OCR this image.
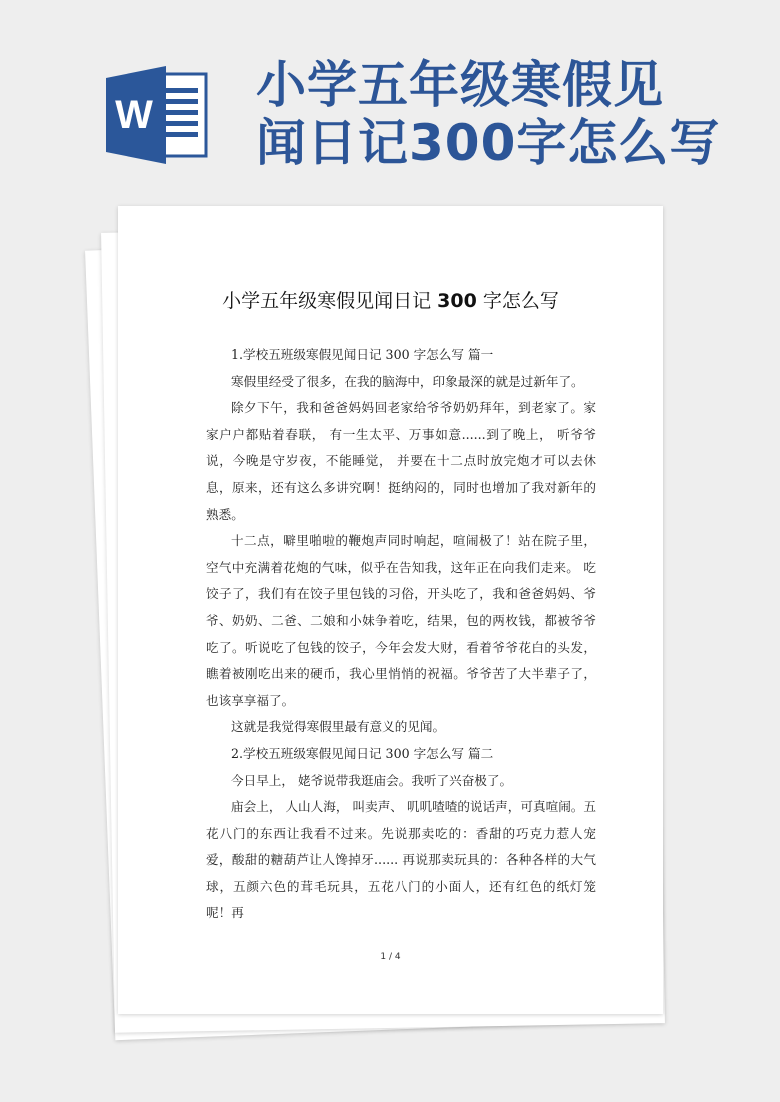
W
小学五年级寒假见
闻日记300字怎么写
小学五年级寒假见闻日记 300 字怎么写

1.学校五班级寒假见闻日记 300 字怎么写 篇一

寒假里经受了很多，在我的脑海中，印象最深的就是过新年了。

除夕下午，我和爸爸妈妈回老家给爷爷奶奶拜年，到老家了。家家户户都贴着春联， 有一生太平、万事如意......到了晚上， 听爷爷说，今晚是守岁夜，不能睡觉， 并要在十二点时放完炮才可以去休息，原来，还有这么多讲究啊！挺纳闷的，同时也增加了我对新年的熟悉。

十二点，噼里啪啦的鞭炮声同时响起，喧闹极了！站在院子里，空气中充满着花炮的气味，似乎在告知我，这年正在向我们走来。 吃饺子了，我们有在饺子里包钱的习俗，开头吃了，我和爸爸妈妈、爷爷、奶奶、二爸、二娘和小妹争着吃，结果，包的两枚钱，都被爷爷吃了。听说吃了包钱的饺子，今年会发大财，看着爷爷花白的头发，瞧着被刚吃出来的硬币，我心里悄悄的祝福。爷爷苦了大半辈子了，也该享享福了。

这就是我觉得寒假里最有意义的见闻。

2.学校五班级寒假见闻日记 300 字怎么写 篇二

今日早上， 姥爷说带我逛庙会。我听了兴奋极了。

庙会上， 人山人海， 叫卖声、 叽叽喳喳的说话声，可真喧闹。五花八门的东西让我看不过来。先说那卖吃的：香甜的巧克力惹人宠爱，酸甜的糖葫芦让人馋掉牙...... 再说那卖玩具的：各种各样的大气球，五颜六色的茸毛玩具，五花八门的小面人，还有红色的纸灯笼呢！再

1 / 4
